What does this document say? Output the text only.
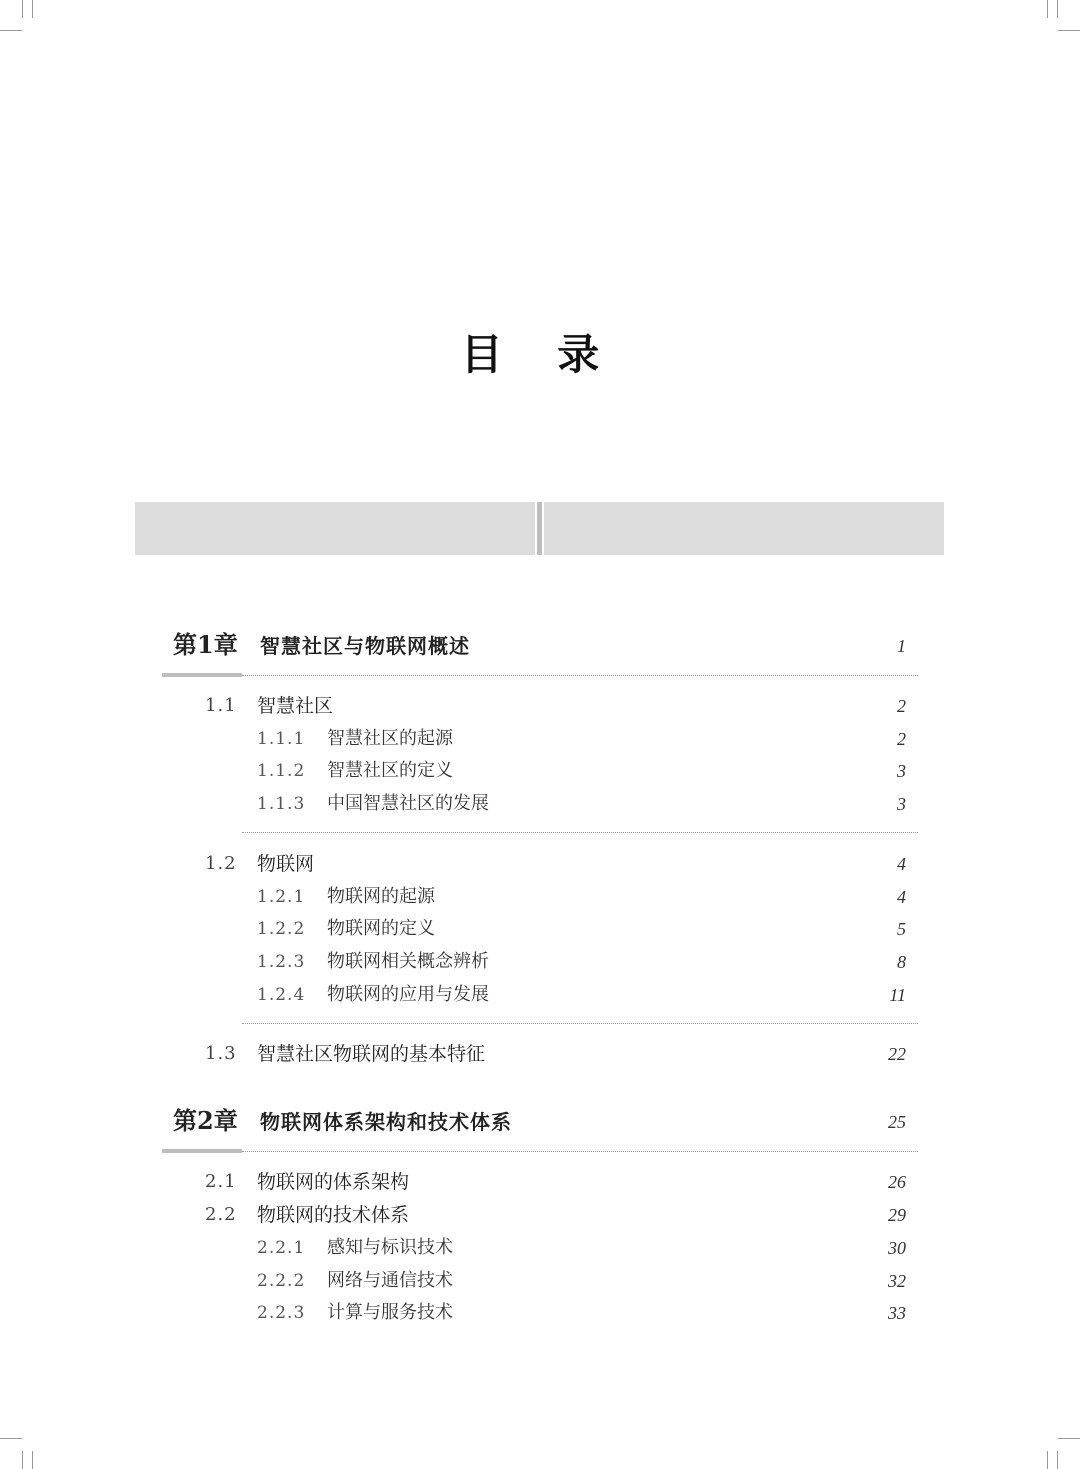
目 录
第1章 智慧社区与物联网概述	1
1.1 智慧社区	2
1.1.1 智慧社区的起源	2
1.1.2 智慧社区的定义	3
1.1.3 中国智慧社区的发展	3
1.2 物联网	4
1.2.1 物联网的起源	4
1.2.2 物联网的定义	5
1.2.3 物联网相关概念辨析	8
1.2.4 物联网的应用与发展	11
1.3 智慧社区物联网的基本特征	22
第2章 物联网体系架构和技术体系	25
2.1 物联网的体系架构	26
2.2 物联网的技术体系	29
2.2.1 感知与标识技术	30
2.2.2 网络与通信技术	32
2.2.3 计算与服务技术	33
